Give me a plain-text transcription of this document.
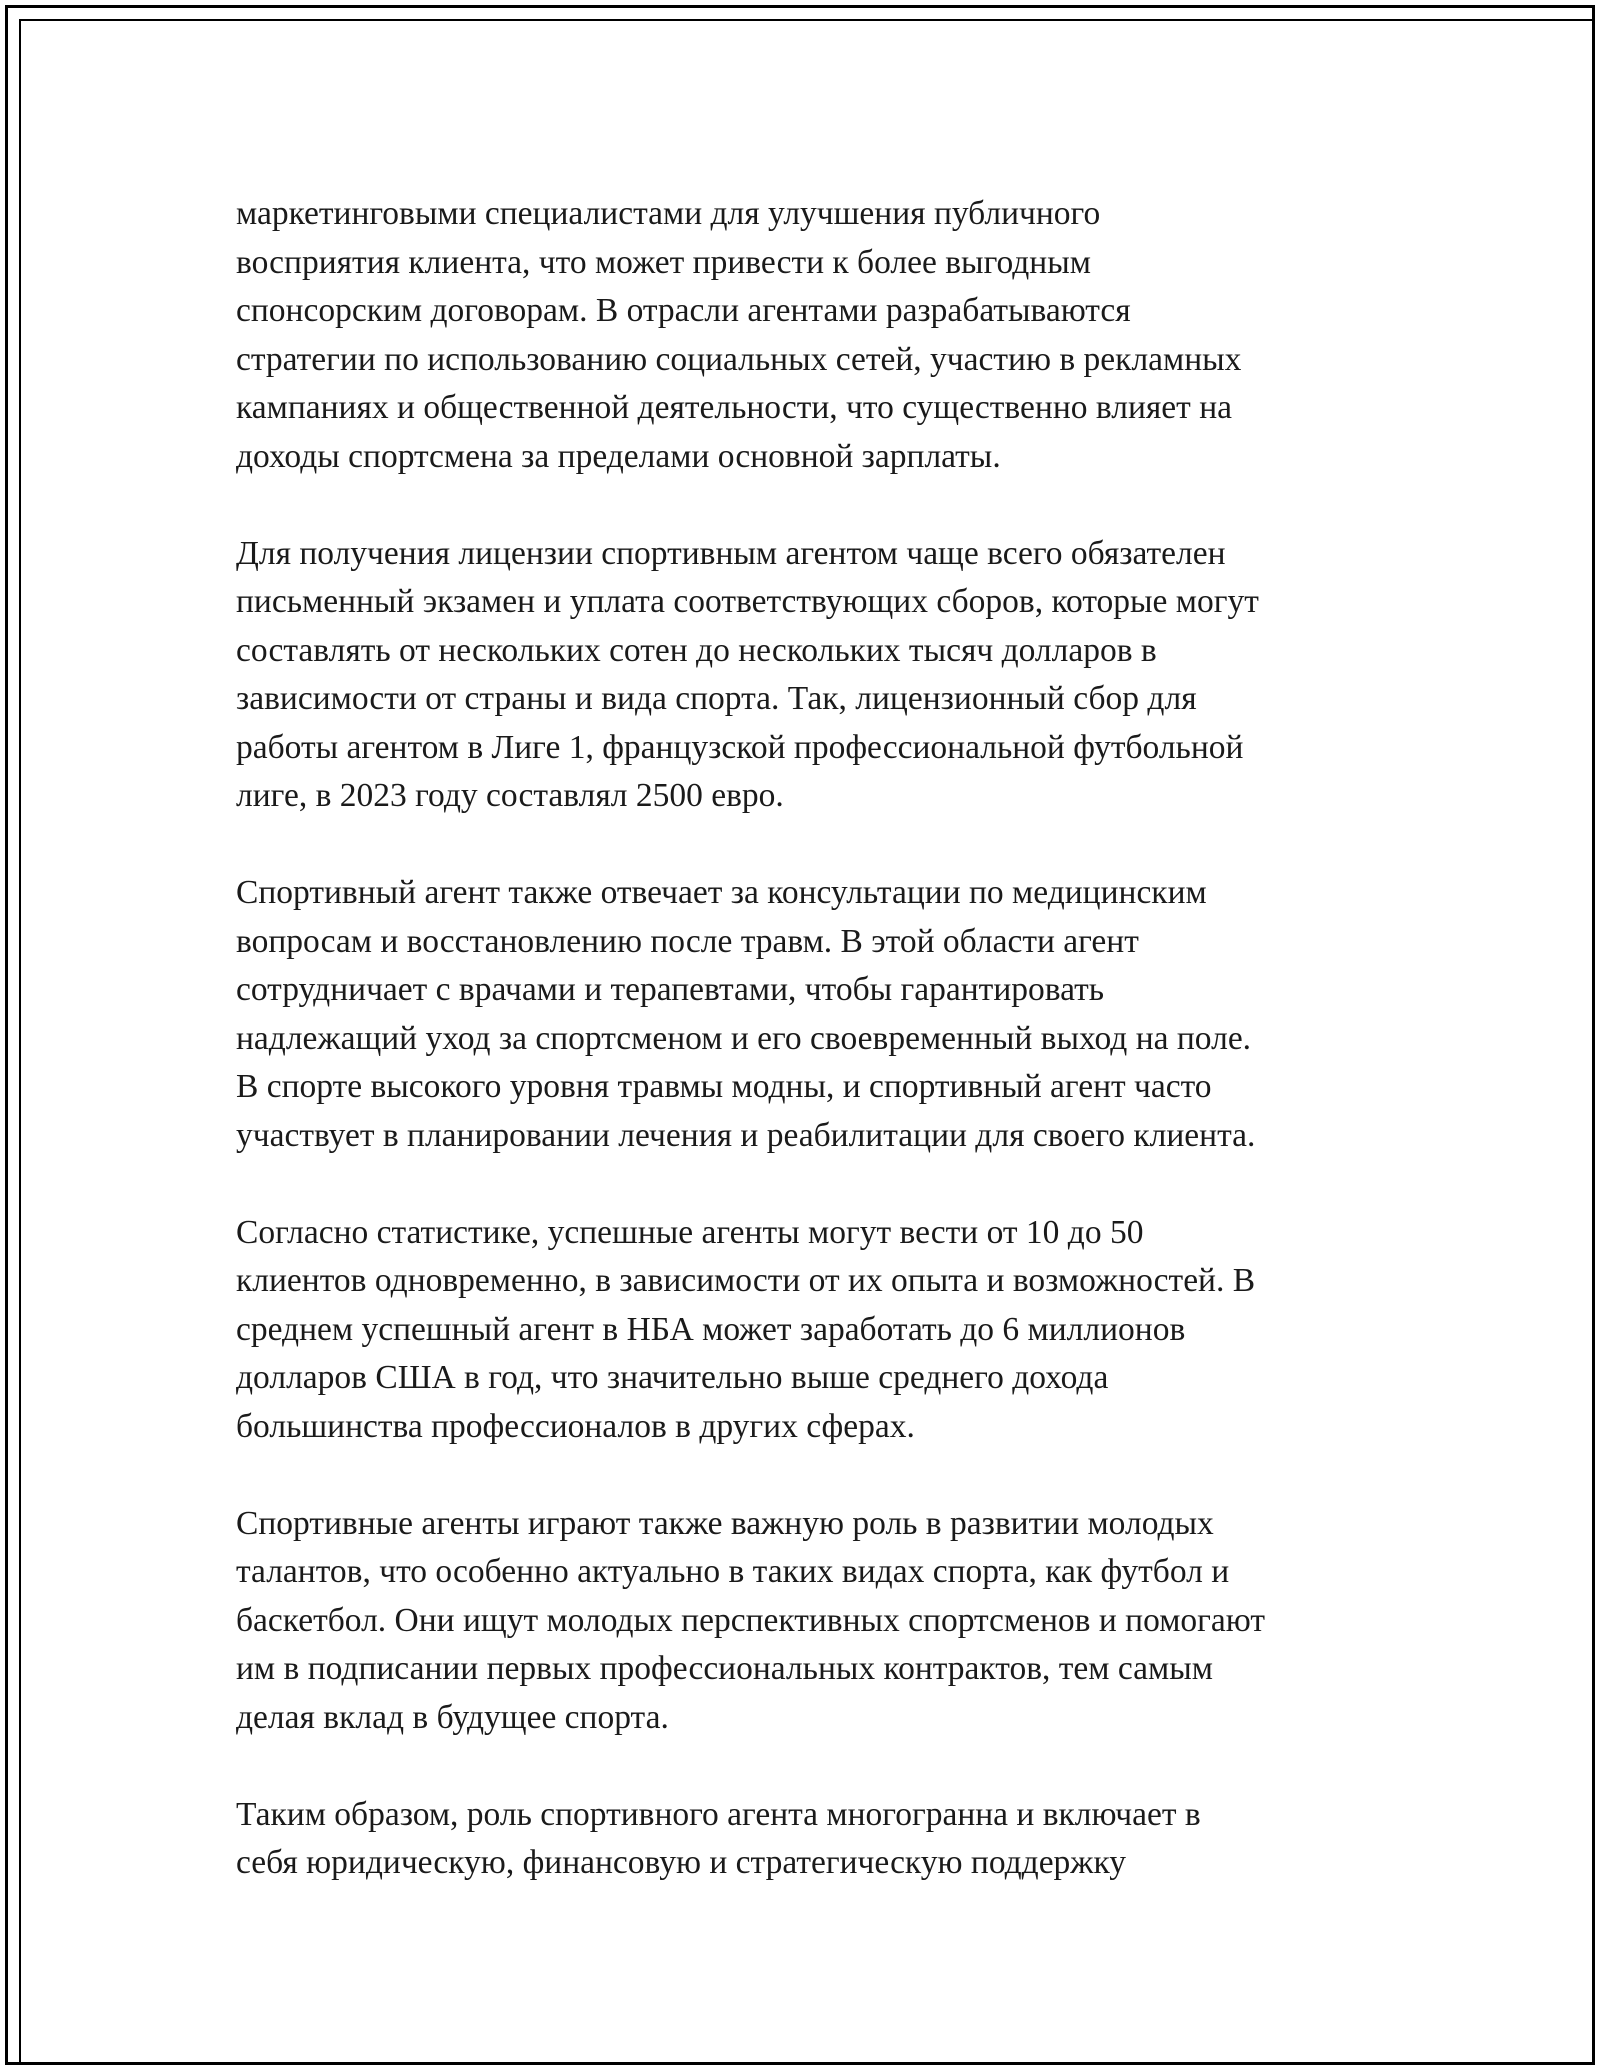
маркетинговыми специалистами для улучшения публичного
восприятия клиента, что может привести к более выгодным
спонсорским договорам. В отрасли агентами разрабатываются
стратегии по использованию социальных сетей, участию в рекламных
кампаниях и общественной деятельности, что существенно влияет на
доходы спортсмена за пределами основной зарплаты.

Для получения лицензии спортивным агентом чаще всего обязателен
письменный экзамен и уплата соответствующих сборов, которые могут
составлять от нескольких сотен до нескольких тысяч долларов в
зависимости от страны и вида спорта. Так, лицензионный сбор для
работы агентом в Лиге 1, французской профессиональной футбольной
лиге, в 2023 году составлял 2500 евро.

Спортивный агент также отвечает за консультации по медицинским
вопросам и восстановлению после травм. В этой области агент
сотрудничает с врачами и терапевтами, чтобы гарантировать
надлежащий уход за спортсменом и его своевременный выход на поле.
В спорте высокого уровня травмы модны, и спортивный агент часто
участвует в планировании лечения и реабилитации для своего клиента.

Согласно статистике, успешные агенты могут вести от 10 до 50
клиентов одновременно, в зависимости от их опыта и возможностей. В
среднем успешный агент в НБА может заработать до 6 миллионов
долларов США в год, что значительно выше среднего дохода
большинства профессионалов в других сферах.

Спортивные агенты играют также важную роль в развитии молодых
талантов, что особенно актуально в таких видах спорта, как футбол и
баскетбол. Они ищут молодых перспективных спортсменов и помогают
им в подписании первых профессиональных контрактов, тем самым
делая вклад в будущее спорта.

Таким образом, роль спортивного агента многогранна и включает в
себя юридическую, финансовую и стратегическую поддержку
